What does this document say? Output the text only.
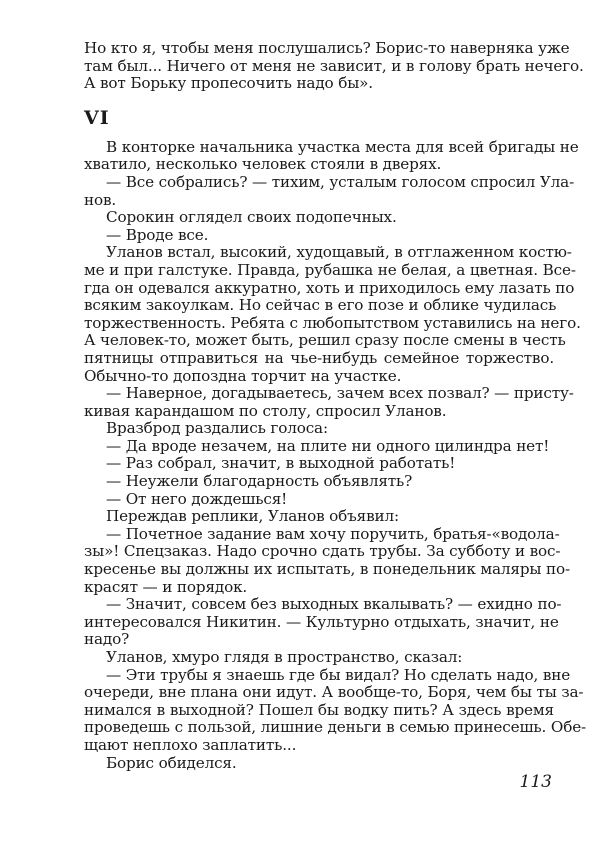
Но кто я, чтобы меня послушались? Борис-то наверняка уже
там был... Ничего от меня не зависит, и в голову брать нечего.
А вот Борьку пропесочить надо бы».
VI
В конторке начальника участка места для всей бригады не
хватило, несколько человек стояли в дверях.
— Все собрались? — тихим, усталым голосом спросил Ула-
нов.
Сорокин оглядел своих подопечных.
— Вроде все.
Уланов встал, высокий, худощавый, в отглаженном костю-
ме и при галстуке. Правда, рубашка не белая, а цветная. Все-
гда он одевался аккуратно, хоть и приходилось ему лазать по
всяким закоулкам. Но сейчас в его позе и облике чудилась
торжественность. Ребята с любопытством уставились на него.
А человек-то, может быть, решил сразу после смены в честь
пятницы отправиться на чье-нибудь семейное торжество.
Обычно-то допоздна торчит на участке.
— Наверное, догадываетесь, зачем всех позвал? — присту-
кивая карандашом по столу, спросил Уланов.
Вразброд раздались голоса:
— Да вроде незачем, на плите ни одного цилиндра нет!
— Раз собрал, значит, в выходной работать!
— Неужели благодарность объявлять?
— От него дождешься!
Переждав реплики, Уланов объявил:
— Почетное задание вам хочу поручить, братья-«водола-
зы»! Спецзаказ. Надо срочно сдать трубы. За субботу и вос-
кресенье вы должны их испытать, в понедельник маляры по-
красят — и порядок.
— Значит, совсем без выходных вкалывать? — ехидно по-
интересовался Никитин. — Культурно отдыхать, значит, не
надо?
Уланов, хмуро глядя в пространство, сказал:
— Эти трубы я знаешь где бы видал? Но сделать надо, вне
очереди, вне плана они идут. А вообще-то, Боря, чем бы ты за-
нимался в выходной? Пошел бы водку пить? А здесь время
проведешь с пользой, лишние деньги в семью принесешь. Обе-
щают неплохо заплатить...
Борис обиделся.
113
